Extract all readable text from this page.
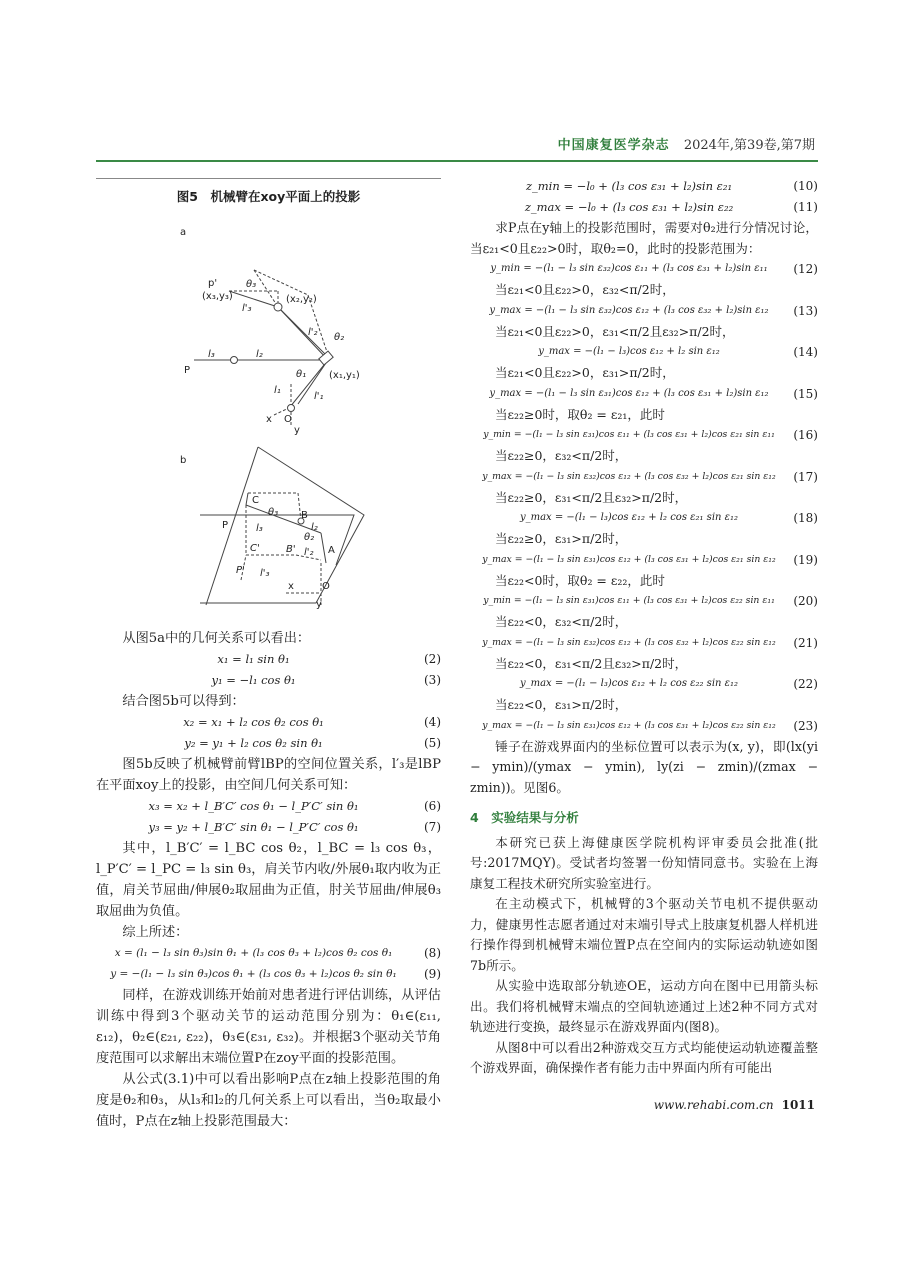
中国康复医学杂志 2024年,第39卷,第7期
图5　机械臂在xoy平面上的投影
a
p'
(x₃,y₃)
θ₃
(x₂,y₂)
l'₃
l'₂ θ₂
l₃	l₂
θ₁ (x₁,y₁)
P
l₁
l'₁
x O
y
b
C
θ₃ B
l₃	l₂
θ₂
P
C'	B' l'₂ A
P' l'₃
x	O
y

从图5a中的几何关系可以看出：

x₁ = l₁ sin θ₁	(2)
y₁ = −l₁ cos θ₁	(3)

结合图5b可以得到：

x₂ = x₁ + l₂ cos θ₂ cos θ₁	(4)
y₂ = y₁ + l₂ cos θ₂ sin θ₁	(5)

图5b反映了机械臂前臂lBP的空间位置关系，l′₃是lBP在平面xoy上的投影，由空间几何关系可知：

x₃ = x₂ + l_B′C′ cos θ₁ − l_P′C′ sin θ₁	(6)
y₃ = y₂ + l_B′C′ sin θ₁ − l_P′C′ cos θ₁	(7)

其中，l_B′C′ = l_BC cos θ₂，l_BC = l₃ cos θ₃，l_P′C′ = l_PC = l₃ sin θ₃，肩关节内收/外展θ₁取内收为正值，肩关节屈曲/伸展θ₂取屈曲为正值，肘关节屈曲/伸展θ₃取屈曲为负值。

综上所述：

x = (l₁ − l₃ sin θ₃)sin θ₁ + (l₃ cos θ₃ + l₂)cos θ₂ cos θ₁	(8)
y = −(l₁ − l₃ sin θ₃)cos θ₁ + (l₃ cos θ₃ + l₂)cos θ₂ sin θ₁	(9)

同样，在游戏训练开始前对患者进行评估训练，从评估训练中得到3个驱动关节的运动范围分别为：θ₁∈(ε₁₁, ε₁₂)，θ₂∈(ε₂₁, ε₂₂)，θ₃∈(ε₃₁, ε₃₂)。并根据3个驱动关节角度范围可以求解出末端位置P在zoy平面的投影范围。

从公式(3.1)中可以看出影响P点在z轴上投影范围的角度是θ₂和θ₃，从l₃和l₂的几何关系上可以看出，当θ₂取最小值时，P点在z轴上投影范围最大：

z_min = −l₀ + (l₃ cos ε₃₁ + l₂)sin ε₂₁	(10)
z_max = −l₀ + (l₃ cos ε₃₁ + l₂)sin ε₂₂	(11)

求P点在y轴上的投影范围时，需要对θ₂进行分情况讨论，当ε₂₁<0且ε₂₂>0时，取θ₂=0，此时的投影范围为：

y_min = −(l₁ − l₃ sin ε₃₂)cos ε₁₁ + (l₃ cos ε₃₁ + l₂)sin ε₁₁	(12)
当ε₂₁<0且ε₂₂>0，ε₃₂<π/2时，
y_max = −(l₁ − l₃ sin ε₃₂)cos ε₁₂ + (l₃ cos ε₃₂ + l₂)sin ε₁₂	(13)
当ε₂₁<0且ε₂₂>0，ε₃₁<π/2且ε₃₂>π/2时，
y_max = −(l₁ − l₃)cos ε₁₂ + l₂ sin ε₁₂	(14)
当ε₂₁<0且ε₂₂>0，ε₃₁>π/2时，
y_max = −(l₁ − l₃ sin ε₃₁)cos ε₁₂ + (l₃ cos ε₃₁ + l₂)sin ε₁₂	(15)
当ε₂₂≥0时，取θ₂ = ε₂₁，此时
y_min = −(l₁ − l₃ sin ε₃₁)cos ε₁₁ + (l₃ cos ε₃₁ + l₂)cos ε₂₁ sin ε₁₁	(16)
当ε₂₂≥0，ε₃₂<π/2时，
y_max = −(l₁ − l₃ sin ε₃₂)cos ε₁₂ + (l₃ cos ε₃₂ + l₂)cos ε₂₁ sin ε₁₂	(17)
当ε₂₂≥0，ε₃₁<π/2且ε₃₂>π/2时，
y_max = −(l₁ − l₃)cos ε₁₂ + l₂ cos ε₂₁ sin ε₁₂	(18)
当ε₂₂≥0，ε₃₁>π/2时，
y_max = −(l₁ − l₃ sin ε₃₁)cos ε₁₂ + (l₃ cos ε₃₁ + l₂)cos ε₂₁ sin ε₁₂	(19)
当ε₂₂<0时，取θ₂ = ε₂₂，此时
y_min = −(l₁ − l₃ sin ε₃₁)cos ε₁₁ + (l₃ cos ε₃₁ + l₂)cos ε₂₂ sin ε₁₁	(20)
当ε₂₂<0，ε₃₂<π/2时，
y_max = −(l₁ − l₃ sin ε₃₂)cos ε₁₂ + (l₃ cos ε₃₂ + l₂)cos ε₂₂ sin ε₁₂	(21)
当ε₂₂<0，ε₃₁<π/2且ε₃₂>π/2时，
y_max = −(l₁ − l₃)cos ε₁₂ + l₂ cos ε₂₂ sin ε₁₂	(22)
当ε₂₂<0，ε₃₁>π/2时，
y_max = −(l₁ − l₃ sin ε₃₁)cos ε₁₂ + (l₃ cos ε₃₁ + l₂)cos ε₂₂ sin ε₁₂	(23)

锤子在游戏界面内的坐标位置可以表示为(x, y)，即(lx(yi − ymin)/(ymax − ymin), ly(zi − zmin)/(zmax − zmin))。见图6。

4　实验结果与分析

本研究已获上海健康医学院机构评审委员会批准(批号:2017MQY)。受试者均签署一份知情同意书。实验在上海康复工程技术研究所实验室进行。

在主动模式下，机械臂的3个驱动关节电机不提供驱动力，健康男性志愿者通过对末端引导式上肢康复机器人样机进行操作得到机械臂末端位置P点在空间内的实际运动轨迹如图7b所示。

从实验中选取部分轨迹OE，运动方向在图中已用箭头标出。我们将机械臂末端点的空间轨迹通过上述2种不同方式对轨迹进行变换，最终显示在游戏界面内(图8)。

从图8中可以看出2种游戏交互方式均能使运动轨迹覆盖整个游戏界面，确保操作者有能力击中界面内所有可能出

www.rehabi.com.cn 1011
